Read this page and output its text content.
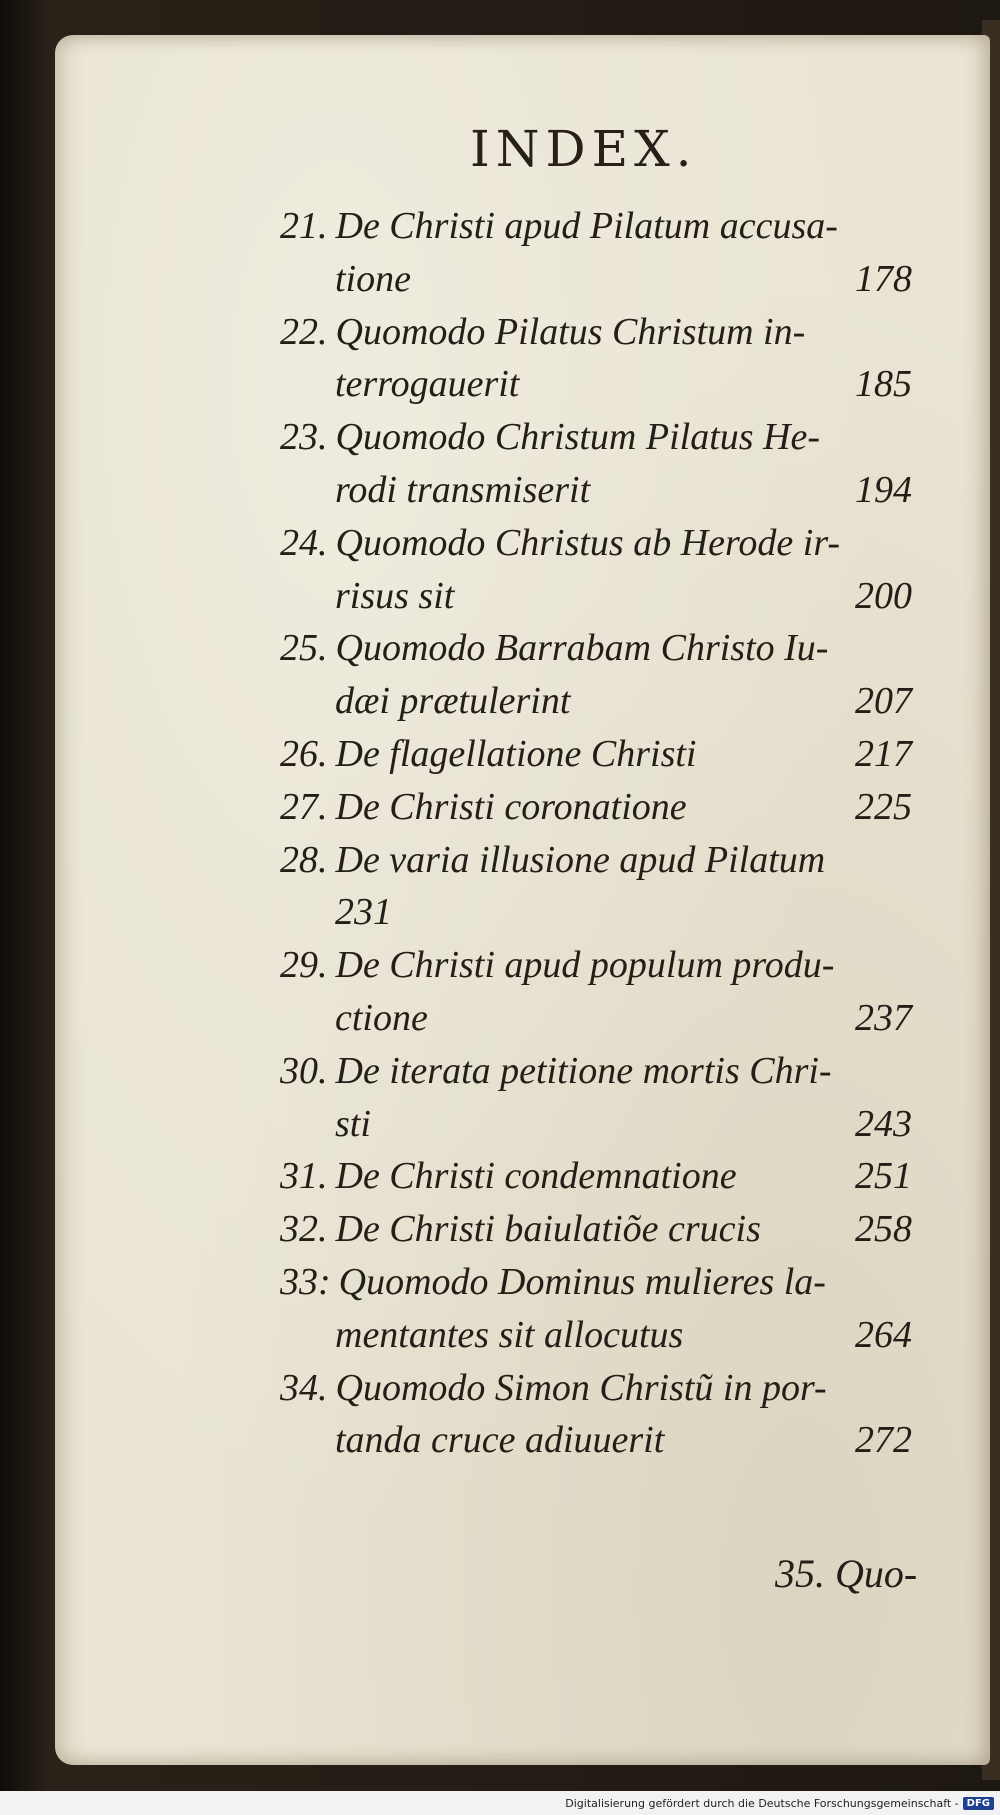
INDEX.
21. De Christi apud Pilatum accusa-
tione	178
22. Quomodo Pilatus Christum in-
terrogauerit	185
23. Quomodo Christum Pilatus He-
rodi transmiserit	194
24. Quomodo Christus ab Herode ir-
risus sit	200
25. Quomodo Barrabam Christo Iu-
dæi prætulerint	207
26. De flagellatione Christi	217
27. De Christi coronatione	225
28. De varia illusione apud Pilatum
231
29. De Christi apud populum produ-
ctione	237
30. De iterata petitione mortis Chri-
sti	243
31. De Christi condemnatione	251
32. De Christi baiulatiõe crucis 258
33: Quomodo Dominus mulieres la-
mentantes sit allocutus	264
34. Quomodo Simon Christũ in por-
tanda cruce adiuuerit	272
35. Quo-
Digitalisierung gefördert durch die Deutsche Forschungsgemeinschaft - DFG
